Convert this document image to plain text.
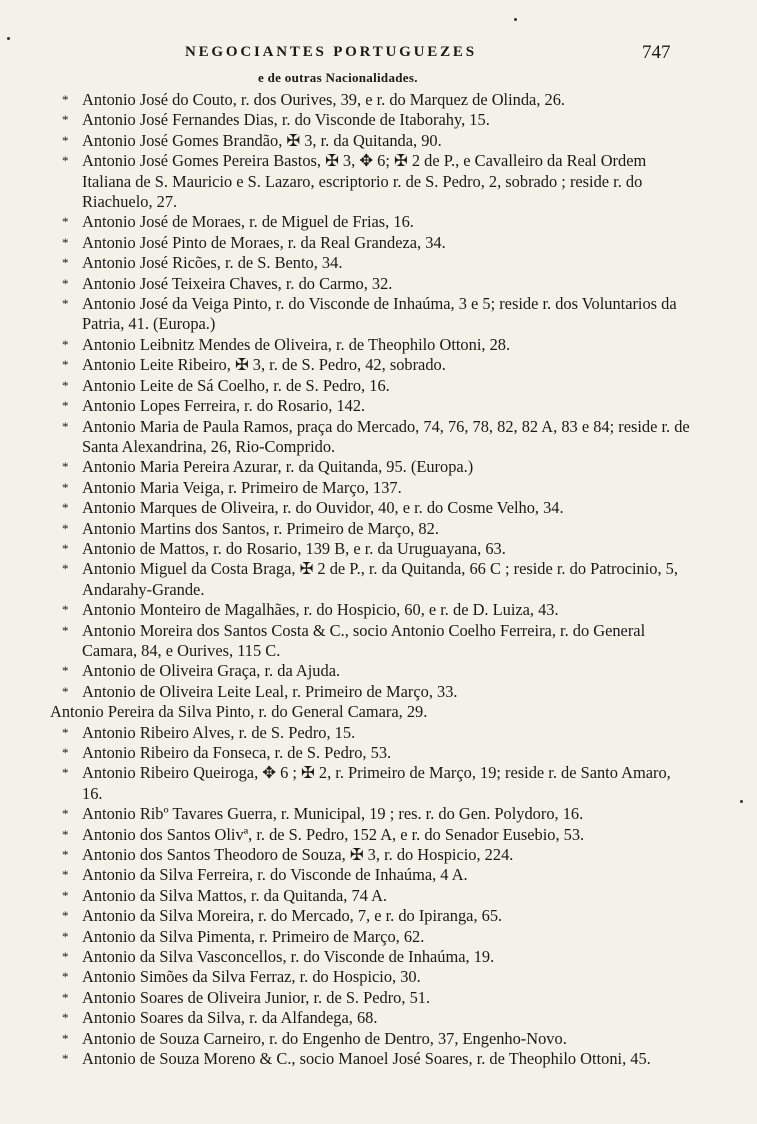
NEGOCIANTES PORTUGUEZES	747
e de outras Nacionalidades.
* Antonio José do Couto, r. dos Ourives, 39, e r. do Marquez de Olinda, 26.
* Antonio José Fernandes Dias, r. do Visconde de Itaborahy, 15.
* Antonio José Gomes Brandão, ✠ 3, r. da Quitanda, 90.
* Antonio José Gomes Pereira Bastos, ✠ 3, ✥ 6; ✠ 2 de P., e Cavalleiro da Real Ordem Italiana de S. Mauricio e S. Lazaro, escriptorio r. de S. Pedro, 2, sobrado ; reside r. do Riachuelo, 27.
* Antonio José de Moraes, r. de Miguel de Frias, 16.
* Antonio José Pinto de Moraes, r. da Real Grandeza, 34.
* Antonio José Ricões, r. de S. Bento, 34.
* Antonio José Teixeira Chaves, r. do Carmo, 32.
* Antonio José da Veiga Pinto, r. do Visconde de Inhaúma, 3 e 5; reside r. dos Voluntarios da Patria, 41. (Europa.)
* Antonio Leibnitz Mendes de Oliveira, r. de Theophilo Ottoni, 28.
* Antonio Leite Ribeiro, ✠ 3, r. de S. Pedro, 42, sobrado.
* Antonio Leite de Sá Coelho, r. de S. Pedro, 16.
* Antonio Lopes Ferreira, r. do Rosario, 142.
* Antonio Maria de Paula Ramos, praça do Mercado, 74, 76, 78, 82, 82 A, 83 e 84; reside r. de Santa Alexandrina, 26, Rio-Comprido.
* Antonio Maria Pereira Azurar, r. da Quitanda, 95. (Europa.)
* Antonio Maria Veiga, r. Primeiro de Março, 137.
* Antonio Marques de Oliveira, r. do Ouvidor, 40, e r. do Cosme Velho, 34.
* Antonio Martins dos Santos, r. Primeiro de Março, 82.
* Antonio de Mattos, r. do Rosario, 139 B, e r. da Uruguayana, 63.
* Antonio Miguel da Costa Braga, ✠ 2 de P., r. da Quitanda, 66 C ; reside r. do Patrocinio, 5, Andarahy-Grande.
* Antonio Monteiro de Magalhães, r. do Hospicio, 60, e r. de D. Luiza, 43.
* Antonio Moreira dos Santos Costa & C., socio Antonio Coelho Ferreira, r. do General Camara, 84, e Ourives, 115 C.
* Antonio de Oliveira Graça, r. da Ajuda.
* Antonio de Oliveira Leite Leal, r. Primeiro de Março, 33.
Antonio Pereira da Silva Pinto, r. do General Camara, 29.
* Antonio Ribeiro Alves, r. de S. Pedro, 15.
* Antonio Ribeiro da Fonseca, r. de S. Pedro, 53.
* Antonio Ribeiro Queiroga, ✥ 6 ; ✠ 2, r. Primeiro de Março, 19; reside r. de Santo Amaro, 16.
* Antonio Ribº Tavares Guerra, r. Municipal, 19 ; res. r. do Gen. Polydoro, 16.
* Antonio dos Santos Olivª, r. de S. Pedro, 152 A, e r. do Senador Eusebio, 53.
* Antonio dos Santos Theodoro de Souza, ✠ 3, r. do Hospicio, 224.
* Antonio da Silva Ferreira, r. do Visconde de Inhaúma, 4 A.
* Antonio da Silva Mattos, r. da Quitanda, 74 A.
* Antonio da Silva Moreira, r. do Mercado, 7, e r. do Ipiranga, 65.
* Antonio da Silva Pimenta, r. Primeiro de Março, 62.
* Antonio da Silva Vasconcellos, r. do Visconde de Inhaúma, 19.
* Antonio Simões da Silva Ferraz, r. do Hospicio, 30.
* Antonio Soares de Oliveira Junior, r. de S. Pedro, 51.
* Antonio Soares da Silva, r. da Alfandega, 68.
* Antonio de Souza Carneiro, r. do Engenho de Dentro, 37, Engenho-Novo.
* Antonio de Souza Moreno & C., socio Manoel José Soares, r. de Theophilo Ottoni, 45.
